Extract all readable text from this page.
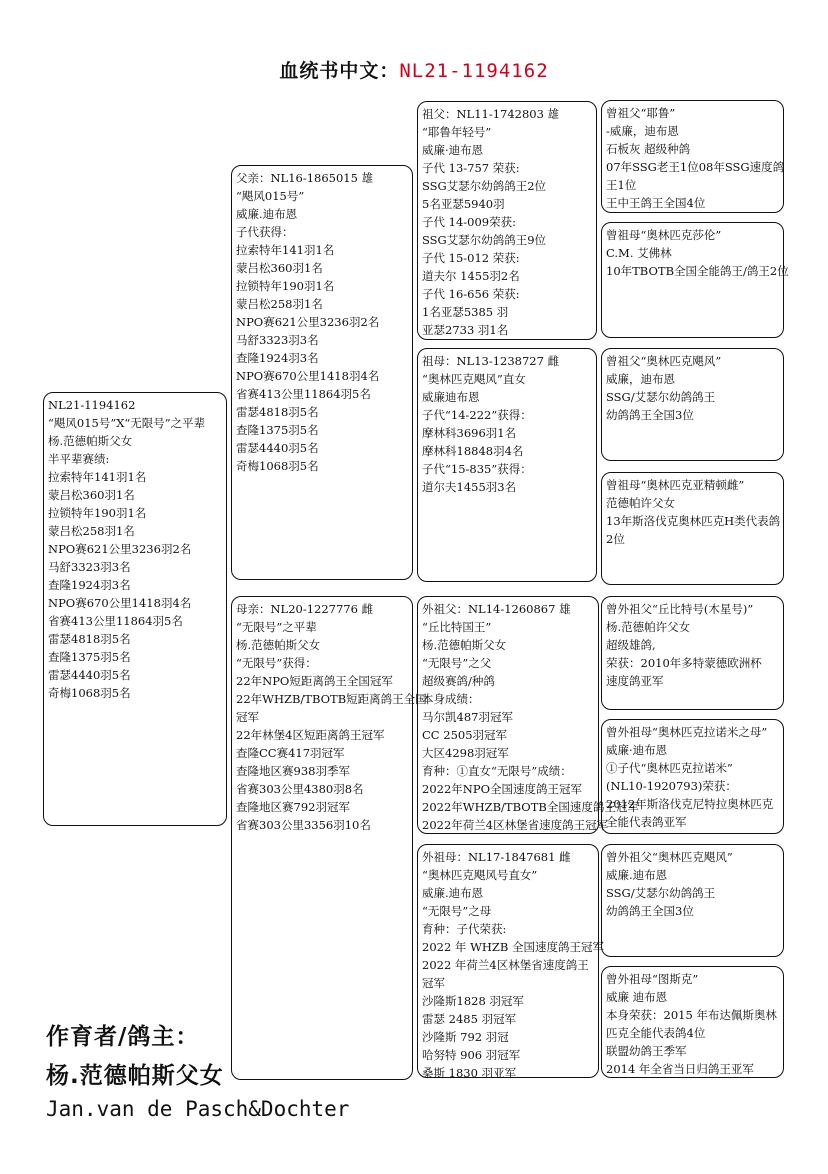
血统书中文：NL21-1194162
NL21-1194162
“飓风015号”X“无限号”之平辈
杨.范德帕斯父女
半平辈赛绩:
拉索特年141羽1名
蒙吕松360羽1名
拉锁特年190羽1名
蒙吕松258羽1名
NPO赛621公里3236羽2名
马舒3323羽3名
查隆1924羽3名
NPO赛670公里1418羽4名
省赛413公里11864羽5名
雷瑟4818羽5名
查隆1375羽5名
雷瑟4440羽5名
奇梅1068羽5名
父亲：NL16-1865015 雄
“飓风015号”
威廉.迪布恩
子代获得：
拉索特年141羽1名
蒙吕松360羽1名
拉锁特年190羽1名
蒙吕松258羽1名
NPO赛621公里3236羽2名
马舒3323羽3名
查隆1924羽3名
NPO赛670公里1418羽4名
省赛413公里11864羽5名
雷瑟4818羽5名
查隆1375羽5名
雷瑟4440羽5名
奇梅1068羽5名
母亲：NL20-1227776 雌
“无限号”之平辈
杨.范德帕斯父女
“无限号”获得：
22年NPO短距离鸽王全国冠军
22年WHZB/TBOTB短距离鸽王全国
冠军
22年林堡4区短距离鸽王冠军
查隆CC赛417羽冠军
查隆地区赛938羽季军
省赛303公里4380羽8名
查隆地区赛792羽冠军
省赛303公里3356羽10名
祖父：NL11-1742803 雄
“耶鲁年轻号”
威廉·迪布恩
子代 13-757 荣获:
SSG艾瑟尔幼鸽鸽王2位
5名亚瑟5940羽
子代 14-009荣获:
SSG艾瑟尔幼鸽鸽王9位
子代 15-012 荣获:
道夫尔 1455羽2名
子代 16-656 荣获:
1名亚瑟5385 羽
亚瑟2733 羽1名
祖母：NL13-1238727 雌
“奥林匹克飓风”直女
威廉迪布恩
子代“14-222”获得：
摩林科3696羽1名
摩林科18848羽4名
子代“15-835”获得：
道尔夫1455羽3名
外祖父：NL14-1260867 雄
“丘比特国王”
杨.范德帕斯父女
“无限号”之父
超级赛鸽/种鸽
本身成绩：
马尔凯487羽冠军
CC 2505羽冠军
大区4298羽冠军
育种：①直女“无限号”成绩：
2022年NPO全国速度鸽王冠军
2022年WHZB/TBOTB全国速度鸽王冠军
2022年荷兰4区林堡省速度鸽王冠军
外祖母：NL17-1847681 雌
“奥林匹克飓风号直女”
威廉.迪布恩
“无限号”之母
育种：子代荣获:
2022 年 WHZB 全国速度鸽王冠军
2022 年荷兰4区林堡省速度鸽王
冠军
沙隆斯1828 羽冠军
雷瑟 2485 羽冠军
沙隆斯 792 羽冠
哈努特 906 羽冠军
桑斯 1830 羽亚军
曾祖父“耶鲁”
-威廉，迪布恩
石板灰 超级种鸽
07年SSG老王1位08年SSG速度鸽
王1位
王中王鸽王全国4位
曾祖母“奥林匹克莎伦”
C.M. 艾佛林
10年TBOTB全国全能鸽王/鸽王2位
曾祖父“奥林匹克飓风”
威廉，迪布恩
SSG/艾瑟尔幼鸽鸽王
幼鸽鸽王全国3位
曾祖母“奥林匹克亚精顿雌”
范德帕许父女
13年斯洛伐克奥林匹克H类代表鸽
2位
曾外祖父“丘比特号(木星号)”
杨.范德帕许父女
超级雄鸽,
荣获：2010年多特蒙德欧洲杯
速度鸽亚军
曾外祖母“奥林匹克拉诺米之母”
威廉·迪布恩
①子代“奥林匹克拉诺米”
(NL10-1920793)荣获：
2012年斯洛伐克尼特拉奥林匹克
全能代表鸽亚军
曾外祖父“奥林匹克飓风”
威廉.迪布恩
SSG/艾瑟尔幼鸽鸽王
幼鸽鸽王全国3位
曾外祖母“图斯克”
威廉 迪布恩
本身荣获：2015 年布达佩斯奥林
匹克全能代表鸽4位
联盟幼鸽王季军
2014 年全省当日归鸽王亚军
作育者/鸽主：
杨.范德帕斯父女
Jan.van de Pasch&Dochter
